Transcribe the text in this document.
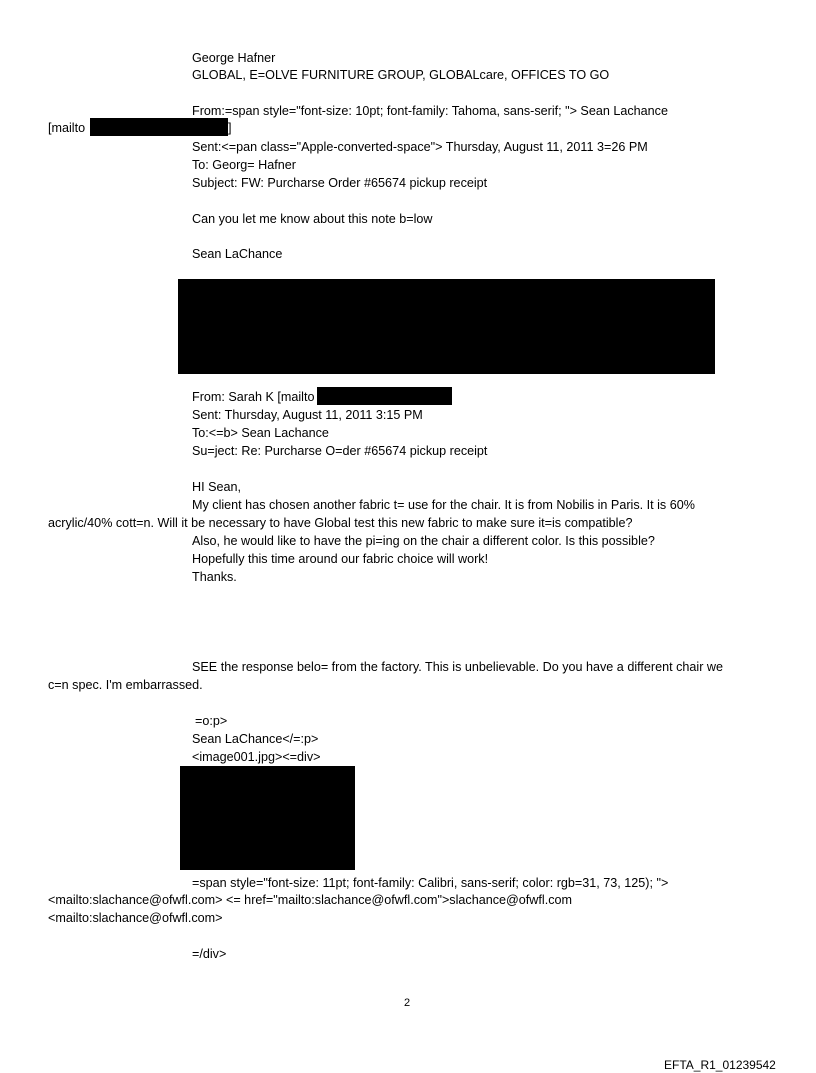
George Hafner
GLOBAL, E=OLVE FURNITURE GROUP, GLOBALcare, OFFICES TO GO
From:=span style="font-size: 10pt; font-family: Tahoma, sans-serif; "> Sean Lachance
[mailto	]
Sent:<=pan class="Apple-converted-space"> Thursday, August 11, 2011 3=26 PM
To: Georg= Hafner
Subject: FW: Purcharse Order #65674 pickup receipt
Can you let me know about this note b=low
Sean LaChance
From: Sarah K [mailto
Sent: Thursday, August 11, 2011 3:15 PM
To:<=b> Sean Lachance
Su=ject: Re: Purcharse O=der #65674 pickup receipt
HI Sean,
My client has chosen another fabric t= use for the chair. It is from Nobilis in Paris. It is 60%
acrylic/40% cott=n. Will it be necessary to have Global test this new fabric to make sure it=is compatible?
Also, he would like to have the pi=ing on the chair a different color. Is this possible?
Hopefully this time around our fabric choice will work!
Thanks.
SEE the response belo= from the factory. This is unbelievable. Do you have a different chair we
c=n spec. I'm embarrassed.
=o:p>
Sean LaChance</=:p>
<image001.jpg><=div>
=span style="font-size: 11pt; font-family: Calibri, sans-serif; color: rgb=31, 73, 125); ">
<mailto:slachance@ofwfl.com> <= href="mailto:slachance@ofwfl.com">slachance@ofwfl.com
<mailto:slachance@ofwfl.com>
=/div>
2
EFTA_R1_01239542
